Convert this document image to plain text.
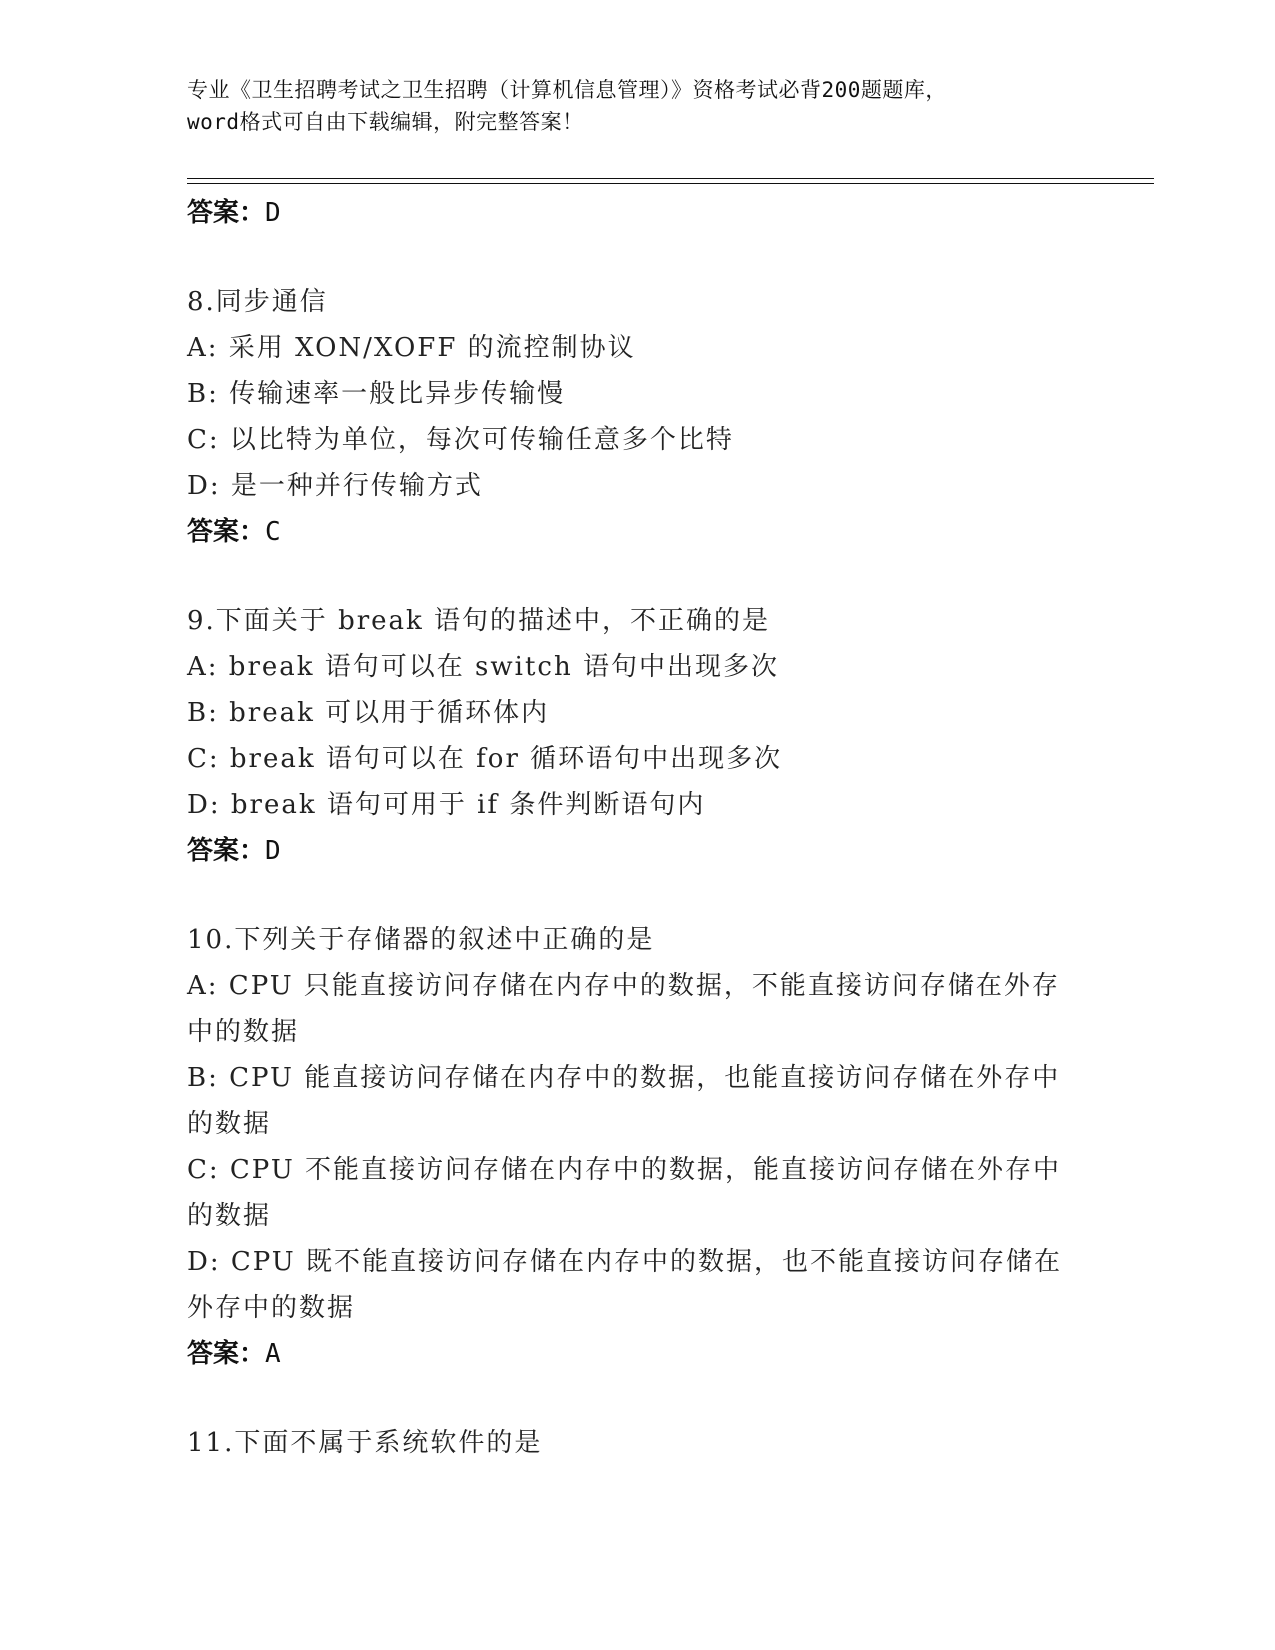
专业《卫生招聘考试之卫生招聘（计算机信息管理）》资格考试必背200题题库，
word格式可自由下载编辑，附完整答案！
答案：D
8.同步通信
A: 采用 XON/XOFF 的流控制协议
B: 传输速率一般比异步传输慢
C: 以比特为单位，每次可传输任意多个比特
D: 是一种并行传输方式
答案：C
9.下面关于 break 语句的描述中，不正确的是
A: break 语句可以在 switch 语句中出现多次
B: break 可以用于循环体内
C: break 语句可以在 for 循环语句中出现多次
D: break 语句可用于 if 条件判断语句内
答案：D
10.下列关于存储器的叙述中正确的是
A: CPU 只能直接访问存储在内存中的数据，不能直接访问存储在外存中的数据
B: CPU 能直接访问存储在内存中的数据，也能直接访问存储在外存中的数据
C: CPU 不能直接访问存储在内存中的数据，能直接访问存储在外存中的数据
D: CPU 既不能直接访问存储在内存中的数据，也不能直接访问存储在外存中的数据
答案：A
11.下面不属于系统软件的是
